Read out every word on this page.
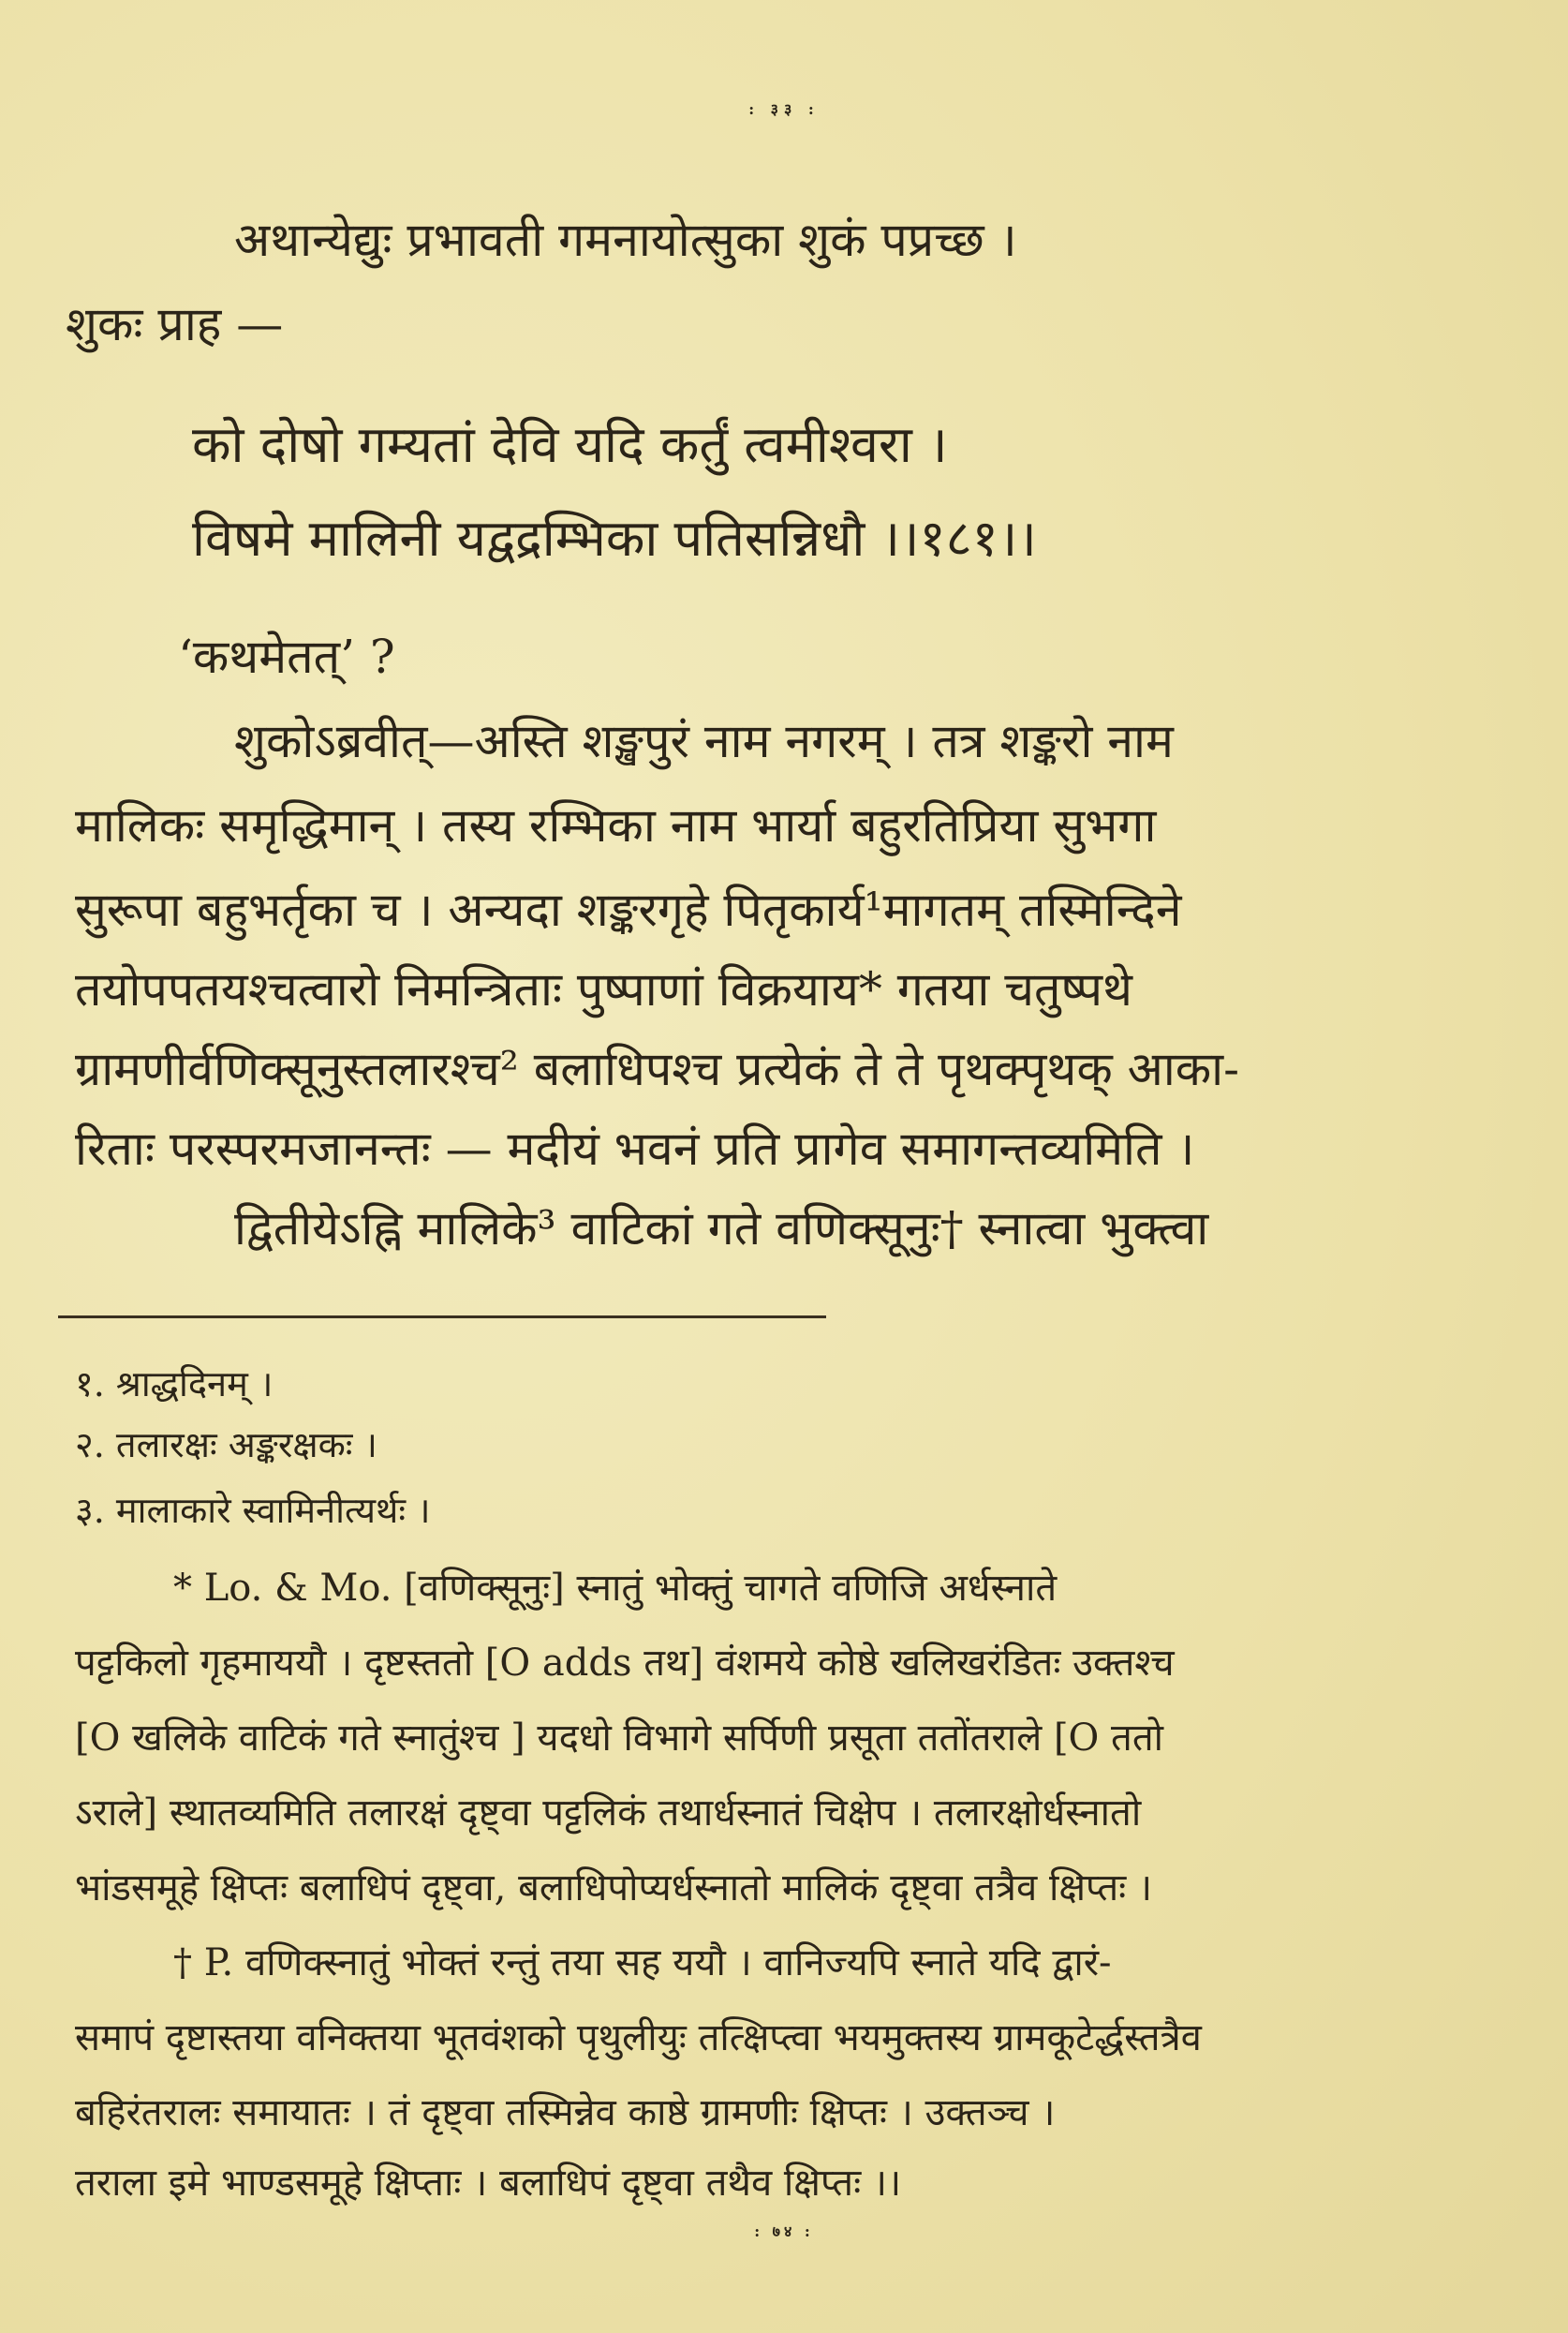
: ३३ :
अथान्येद्युः प्रभावती गमनायोत्सुका शुकं पप्रच्छ ।
शुकः प्राह —
को दोषो गम्यतां देवि यदि कर्तुं त्वमीश्वरा ।
विषमे मालिनी यद्वद्रम्भिका पतिसन्निधौ ।।१८१।।
‘कथमेतत्’ ?
शुकोऽब्रवीत्—अस्ति शङ्खपुरं नाम नगरम् । तत्र शङ्करो नाम
मालिकः समृद्धिमान् । तस्य रम्भिका नाम भार्या बहुरतिप्रिया सुभगा
सुरूपा बहुभर्तृका च । अन्यदा शङ्करगृहे पितृकार्य¹मागतम् तस्मिन्दिने
तयोपपतयश्चत्वारो निमन्त्रिताः पुष्पाणां विक्रयाय* गतया चतुष्पथे
ग्रामणीर्वणिक्सूनुस्तलारश्च² बलाधिपश्च प्रत्येकं ते ते पृथक्पृथक् आका-
रिताः परस्परमजानन्तः — मदीयं भवनं प्रति प्रागेव समागन्तव्यमिति ।
द्वितीयेऽह्नि मालिके³ वाटिकां गते वणिक्सूनुः† स्नात्वा भुक्त्वा
१. श्राद्धदिनम् ।
२. तलारक्षः अङ्करक्षकः ।
३. मालाकारे स्वामिनीत्यर्थः ।
* Lo. & Mo. [वणिक्सूनुः] स्नातुं भोक्तुं चागते वणिजि अर्धस्नाते
पट्टकिलो गृहमाययौ । दृष्टस्ततो [O adds तथ] वंशमये कोष्ठे खलिखरंडितः उक्तश्च
[O खलिके वाटिकं गते स्नातुंश्च ] यदधो विभागे सर्पिणी प्रसूता ततोंतराले [O ततो
ऽराले] स्थातव्यमिति तलारक्षं दृष्ट्वा पट्टलिकं तथार्धस्नातं चिक्षेप । तलारक्षोर्धस्नातो
भांडसमूहे क्षिप्तः बलाधिपं दृष्ट्वा, बलाधिपोप्यर्धस्नातो मालिकं दृष्ट्वा तत्रैव क्षिप्तः ।
† P. वणिक्स्नातुं भोक्तं रन्तुं तया सह ययौ । वानिज्यपि स्नाते यदि द्वारं-
समापं दृष्टास्तया वनिक्तया भूतवंशको पृथुलीयुः तत्क्षिप्त्वा भयमुक्तस्य ग्रामकूटेर्द्धस्तत्रैव
बहिरंतरालः समायातः । तं दृष्ट्वा तस्मिन्नेव काष्ठे ग्रामणीः क्षिप्तः । उक्तञ्च ।
तराला इमे भाण्डसमूहे क्षिप्ताः । बलाधिपं दृष्ट्वा तथैव क्षिप्तः ।।
: ७४ :
